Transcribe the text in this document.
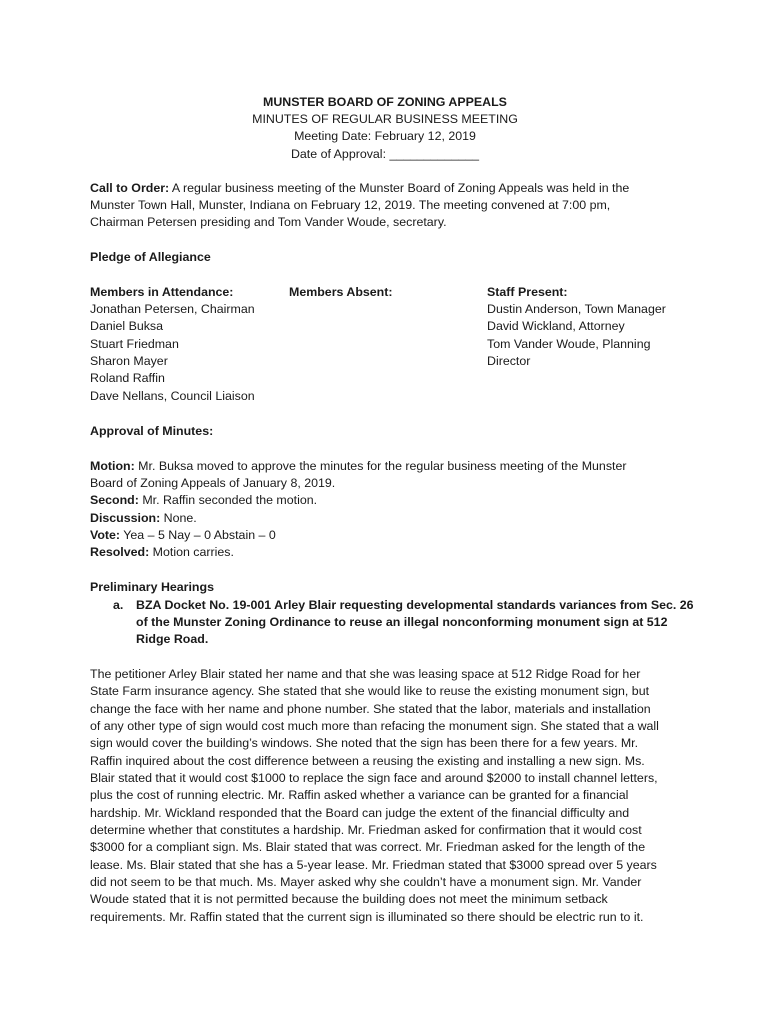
MUNSTER BOARD OF ZONING APPEALS
MINUTES OF REGULAR BUSINESS MEETING
Meeting Date: February 12, 2019
Date of Approval: _____________
Call to Order: A regular business meeting of the Munster Board of Zoning Appeals was held in the
Munster Town Hall, Munster, Indiana on February 12, 2019. The meeting convened at 7:00 pm,
Chairman Petersen presiding and Tom Vander Woude, secretary.
Pledge of Allegiance
Members in Attendance:
Jonathan Petersen, Chairman
Daniel Buksa
Stuart Friedman
Sharon Mayer
Roland Raffin
Dave Nellans, Council Liaison
Members Absent:	Staff Present:
Dustin Anderson, Town Manager
David Wickland, Attorney
Tom Vander Woude, Planning
Director
Approval of Minutes:
Motion: Mr. Buksa moved to approve the minutes for the regular business meeting of the Munster
Board of Zoning Appeals of January 8, 2019.
Second: Mr. Raffin seconded the motion.
Discussion: None.
Vote: Yea – 5 Nay – 0 Abstain – 0
Resolved: Motion carries.
Preliminary Hearings
a. BZA Docket No. 19-001 Arley Blair requesting developmental standards variances from Sec. 26
of the Munster Zoning Ordinance to reuse an illegal nonconforming monument sign at 512
Ridge Road.
The petitioner Arley Blair stated her name and that she was leasing space at 512 Ridge Road for her
State Farm insurance agency. She stated that she would like to reuse the existing monument sign, but
change the face with her name and phone number. She stated that the labor, materials and installation
of any other type of sign would cost much more than refacing the monument sign. She stated that a wall
sign would cover the building’s windows. She noted that the sign has been there for a few years. Mr.
Raffin inquired about the cost difference between a reusing the existing and installing a new sign. Ms.
Blair stated that it would cost $1000 to replace the sign face and around $2000 to install channel letters,
plus the cost of running electric. Mr. Raffin asked whether a variance can be granted for a financial
hardship. Mr. Wickland responded that the Board can judge the extent of the financial difficulty and
determine whether that constitutes a hardship. Mr. Friedman asked for confirmation that it would cost
$3000 for a compliant sign. Ms. Blair stated that was correct. Mr. Friedman asked for the length of the
lease. Ms. Blair stated that she has a 5-year lease. Mr. Friedman stated that $3000 spread over 5 years
did not seem to be that much. Ms. Mayer asked why she couldn’t have a monument sign. Mr. Vander
Woude stated that it is not permitted because the building does not meet the minimum setback
requirements. Mr. Raffin stated that the current sign is illuminated so there should be electric run to it.
